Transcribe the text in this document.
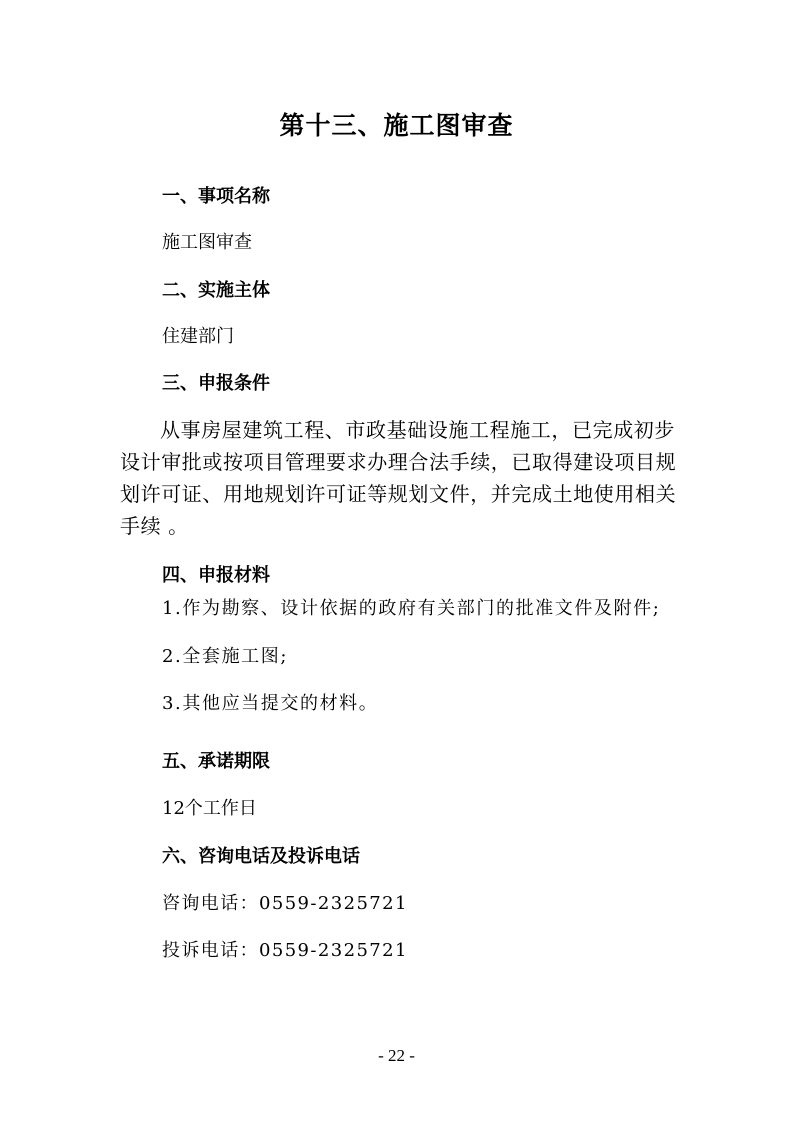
第十三、施工图审查
一、事项名称
施工图审查
二、实施主体
住建部门
三、申报条件
从事房屋建筑工程、市政基础设施工程施工，已完成初步
设计审批或按项目管理要求办理合法手续，已取得建设项目规
划许可证、用地规划许可证等规划文件，并完成土地使用相关
手续 。
四、申报材料
1.作为勘察、设计依据的政府有关部门的批准文件及附件;
2.全套施工图;
3.其他应当提交的材料。
五、承诺期限
12个工作日
六、咨询电话及投诉电话
咨询电话：0559-2325721
投诉电话：0559-2325721
- 22 -
